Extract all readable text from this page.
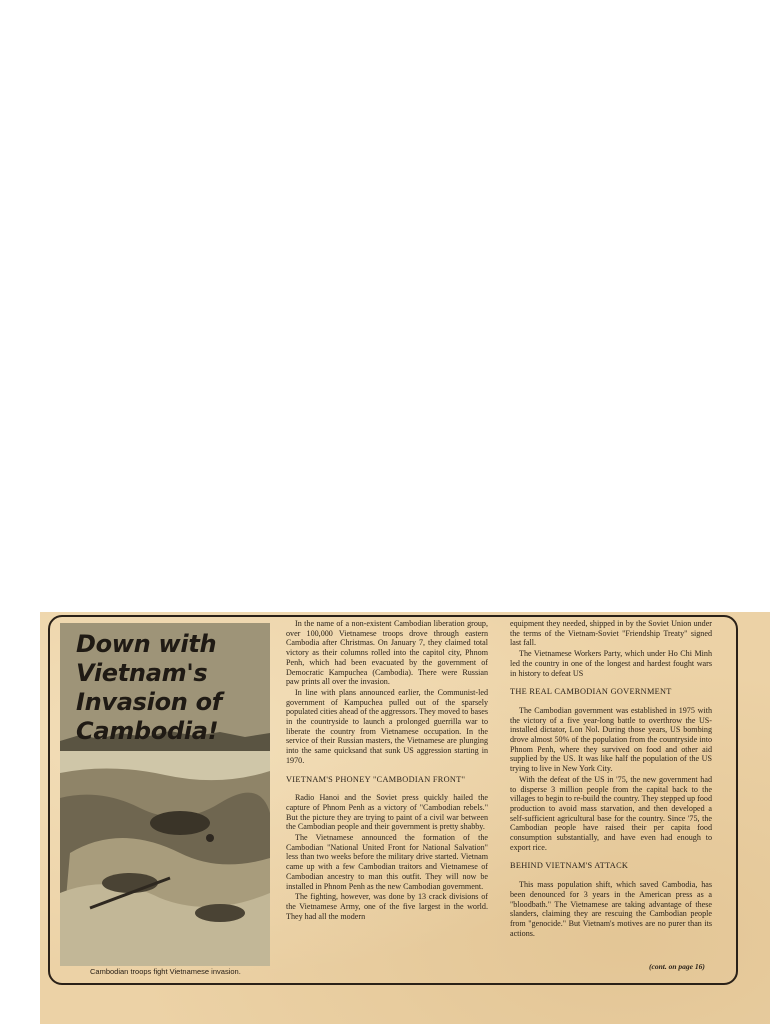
Down with Vietnam's Invasion of Cambodia!

Cambodian troops fight Vietnamese invasion.

In the name of a non-existent Cambodian liberation group, over 100,000 Vietnamese troops drove through eastern Cambodia after Christmas. On January 7, they claimed total victory as their columns rolled into the capitol city, Phnom Penh, which had been evacuated by the government of Democratic Kampuchea (Cambodia). There were Russian paw prints all over the invasion.

In line with plans announced earlier, the Communist-led government of Kampuchea pulled out of the sparsely populated cities ahead of the aggressors. They moved to bases in the countryside to launch a prolonged guerrilla war to liberate the country from Vietnamese occupation. In the service of their Russian masters, the Vietnamese are plunging into the same quicksand that sunk US aggression starting in 1970.

VIETNAM'S PHONEY "CAMBODIAN FRONT"

Radio Hanoi and the Soviet press quickly hailed the capture of Phnom Penh as a victory of "Cambodian rebels." But the picture they are trying to paint of a civil war between the Cambodian people and their government is pretty shabby.

The Vietnamese announced the formation of the Cambodian "National United Front for National Salvation" less than two weeks before the military drive started. Vietnam came up with a few Cambodian traitors and Vietnamese of Cambodian ancestry to man this outfit. They will now be installed in Phnom Penh as the new Cambodian government.

The fighting, however, was done by 13 crack divisions of the Vietnamese Army, one of the five largest in the world. They had all the modern

equipment they needed, shipped in by the Soviet Union under the terms of the Vietnam-Soviet "Friendship Treaty" signed last fall.

The Vietnamese Workers Party, which under Ho Chi Minh led the country in one of the longest and hardest fought wars in history to defeat US

THE REAL CAMBODIAN GOVERNMENT

The Cambodian government was established in 1975 with the victory of a five year-long battle to overthrow the US-installed dictator, Lon Nol. During those years, US bombing drove almost 50% of the population from the countryside into Phnom Penh, where they survived on food and other aid supplied by the US. It was like half the population of the US trying to live in New York City.

With the defeat of the US in '75, the new government had to disperse 3 million people from the capital back to the villages to begin to re-build the country. They stepped up food production to avoid mass starvation, and then developed a self-sufficient agricultural base for the country. Since '75, the Cambodian people have raised their per capita food consumption substantially, and have even had enough to export rice.

BEHIND VIETNAM'S ATTACK

This mass population shift, which saved Cambodia, has been denounced for 3 years in the American press as a "bloodbath." The Vietnamese are taking advantage of these slanders, claiming they are rescuing the Cambodian people from "genocide." But Vietnam's motives are no purer than its actions.

(cont. on page 16)
